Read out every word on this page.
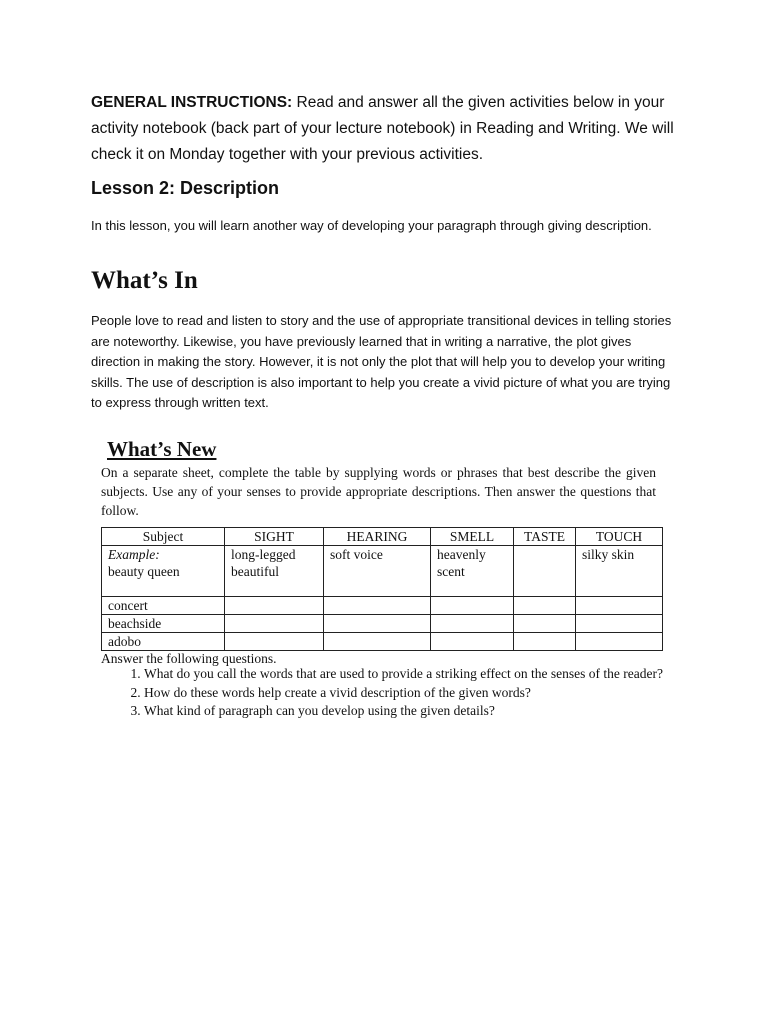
GENERAL INSTRUCTIONS: Read and answer all the given activities below in your activity notebook (back part of your lecture notebook) in Reading and Writing. We will check it on Monday together with your previous activities.
Lesson 2: Description
In this lesson, you will learn another way of developing your paragraph through giving description.
What’s In
People love to read and listen to story and the use of appropriate transitional devices in telling stories are noteworthy. Likewise, you have previously learned that in writing a narrative, the plot gives direction in making the story. However, it is not only the plot that will help you to develop your writing skills. The use of description is also important to help you create a vivid picture of what you are trying to express through written text.
What’s New
On a separate sheet, complete the table by supplying words or phrases that best describe the given subjects. Use any of your senses to provide appropriate descriptions. Then answer the questions that follow.
Subject	SIGHT	HEARING	SMELL	TASTE	TOUCH
Example:
beauty queen	long-legged beautiful	soft voice	heavenly scent		silky skin
concert					
beachside					
adobo					
Answer the following questions.
1. What do you call the words that are used to provide a striking effect on the senses of the reader?
2. How do these words help create a vivid description of the given words?
3. What kind of paragraph can you develop using the given details?
